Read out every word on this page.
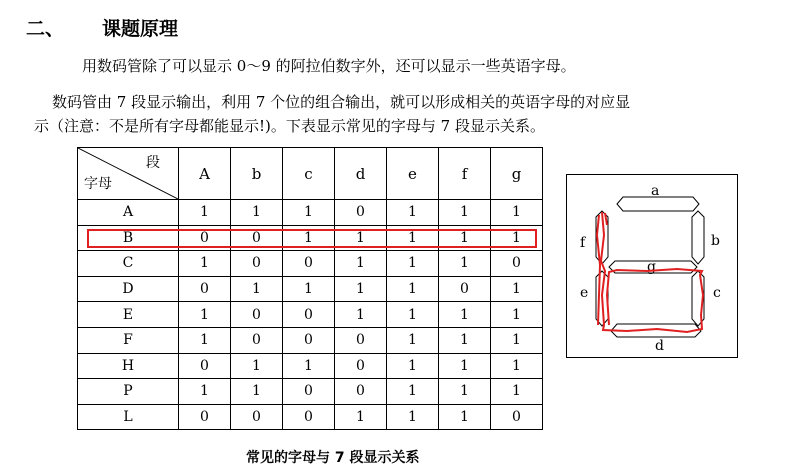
二、 课题原理
用数码管除了可以显示 0～9 的阿拉伯数字外，还可以显示一些英语字母。
数码管由 7 段显示输出，利用 7 个位的组合输出，就可以形成相关的英语字母的对应显
示（注意：不是所有字母都能显示!)。下表显示常见的字母与 7 段显示关系。
段
字母	A	b	c	d	e	f	g
A	1	1	1	0	1	1	1
B	0	0	1	1	1	1	1
C	1	0	0	1	1	1	0
D	0	1	1	1	1	0	1
E	1	0	0	1	1	1	1
F	1	0	0	0	1	1	1
H	0	1	1	0	1	1	1
P	1	1	0	0	1	1	1
L	0	0	0	1	1	1	0
常见的字母与 7 段显示关系
a
b
c
d
e
f
g
